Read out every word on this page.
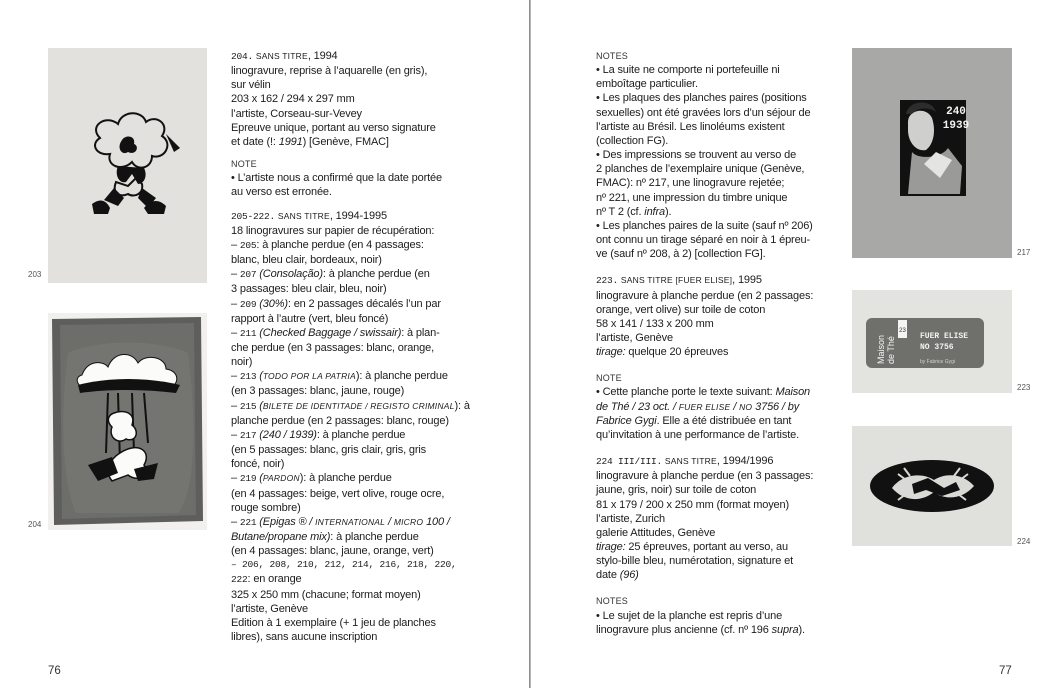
203
204

204. SANS TITRE, 1994
linogravure, reprise à l’aquarelle (en gris),
sur vélin
203 x 162 / 294 x 297 mm
l’artiste, Corseau-sur-Vevey
Epreuve unique, portant au verso signature
et date (!: 1991) [Genève, FMAC]

NOTE
• L’artiste nous a confirmé que la date portée
au verso est erronée.

205-222. SANS TITRE, 1994-1995
18 linogravures sur papier de récupération:
– 205: à planche perdue (en 4 passages:
blanc, bleu clair, bordeaux, noir)
– 207 (Consolação): à planche perdue (en
3 passages: bleu clair, bleu, noir)
– 209 (30%): en 2 passages décalés l’un par
rapport à l’autre (vert, bleu foncé)
– 211 (Checked Baggage / swissair): à plan-
che perdue (en 3 passages: blanc, orange,
noir)
– 213 (TODO POR LA PATRIA): à planche perdue
(en 3 passages: blanc, jaune, rouge)
– 215 (BILETE DE IDENTITADE / REGISTO CRIMINAL): à
planche perdue (en 2 passages: blanc, rouge)
– 217 (240 / 1939): à planche perdue
(en 5 passages: blanc, gris clair, gris, gris
foncé, noir)
– 219 (PARDON): à planche perdue
(en 4 passages: beige, vert olive, rouge ocre,
rouge sombre)
– 221 (Epigas ® / INTERNATIONAL / MICRO 100 /
Butane/propane mix): à planche perdue
(en 4 passages: blanc, jaune, orange, vert)
– 206, 208, 210, 212, 214, 216, 218, 220,
222: en orange
325 x 250 mm (chacune; format moyen)
l’artiste, Genève
Edition à 1 exemplaire (+ 1 jeu de planches
libres), sans aucune inscription
76

NOTES
• La suite ne comporte ni portefeuille ni
emboîtage particulier.
• Les plaques des planches paires (positions
sexuelles) ont été gravées lors d’un séjour de
l’artiste au Brésil. Les linoléums existent
(collection FG).
• Des impressions se trouvent au verso de
2 planches de l’exemplaire unique (Genève,
FMAC): nº 217, une linogravure rejetée;
nº 221, une impression du timbre unique
nº T 2 (cf. infra).
• Les planches paires de la suite (sauf nº 206)
ont connu un tirage séparé en noir à 1 épreu-
ve (sauf nº 208, à 2) [collection FG].

223. SANS TITRE [FUER ELISE], 1995
linogravure à planche perdue (en 2 passages:
orange, vert olive) sur toile de coton
58 x 141 / 133 x 200 mm
l’artiste, Genève
tirage: quelque 20 épreuves

NOTE
• Cette planche porte le texte suivant: Maison
de Thé / 23 oct. / FUER ELISE / NO 3756 / by
Fabrice Gygi. Elle a été distribuée en tant
qu’invitation à une performance de l’artiste.

224 III/III. SANS TITRE, 1994/1996
linogravure à planche perdue (en 3 passages:
jaune, gris, noir) sur toile de coton
81 x 179 / 200 x 250 mm (format moyen)
l’artiste, Zurich
galerie Attitudes, Genève
tirage: 25 épreuves, portant au verso, au
stylo-bille bleu, numérotation, signature et
date (96)

NOTES
• Le sujet de la planche est repris d’une
linogravure plus ancienne (cf. nº 196 supra).

240
1939
217
Maison de Thé
23
FUER ELISE
NO 3756
by Fabrice Gygi
223
224
77
